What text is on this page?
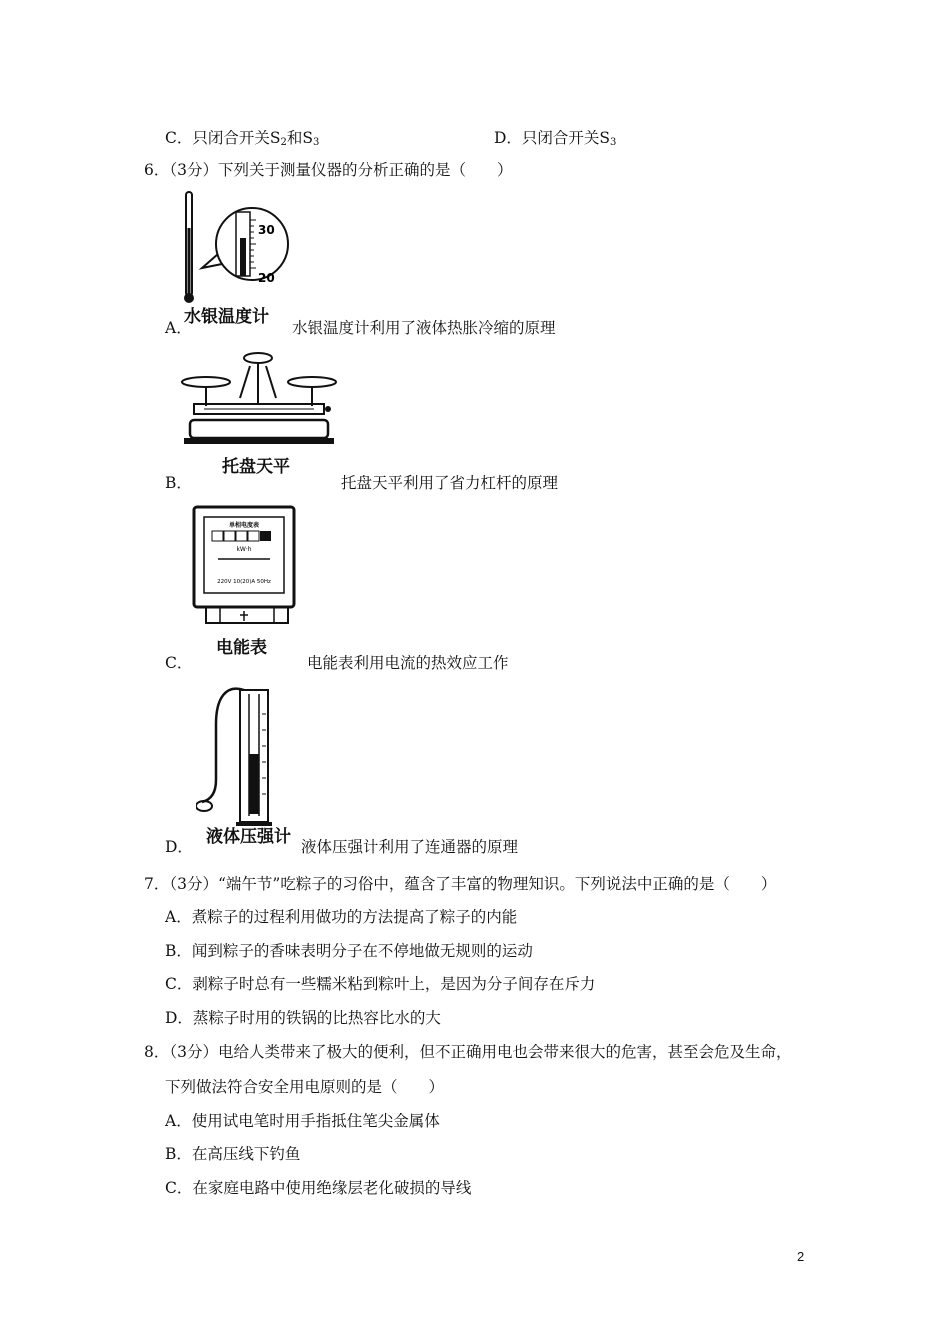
C．只闭合开关$S_2$和$S_3$	D．只闭合开关$S_3$
6．（3分）下列关于测量仪器的分析正确的是（　　）
30
20
水银温度计
A．	水银温度计利用了液体热胀冷缩的原理
托盘天平
B．	托盘天平利用了省力杠杆的原理
单相电度表
kW·h
220V 10(20)A 50Hz
电能表
C．	电能表利用电流的热效应工作
液体压强计
D．	液体压强计利用了连通器的原理
7．（3分）“端午节”吃粽子的习俗中，蕴含了丰富的物理知识。下列说法中正确的是（　　）
A．煮粽子的过程利用做功的方法提高了粽子的内能
B．闻到粽子的香味表明分子在不停地做无规则的运动
C．剥粽子时总有一些糯米粘到粽叶上，是因为分子间存在斥力
D．蒸粽子时用的铁锅的比热容比水的大
8．（3分）电给人类带来了极大的便利，但不正确用电也会带来很大的危害，甚至会危及生命，
下列做法符合安全用电原则的是（　　）
A．使用试电笔时用手指抵住笔尖金属体
B．在高压线下钓鱼
C．在家庭电路中使用绝缘层老化破损的导线
2
